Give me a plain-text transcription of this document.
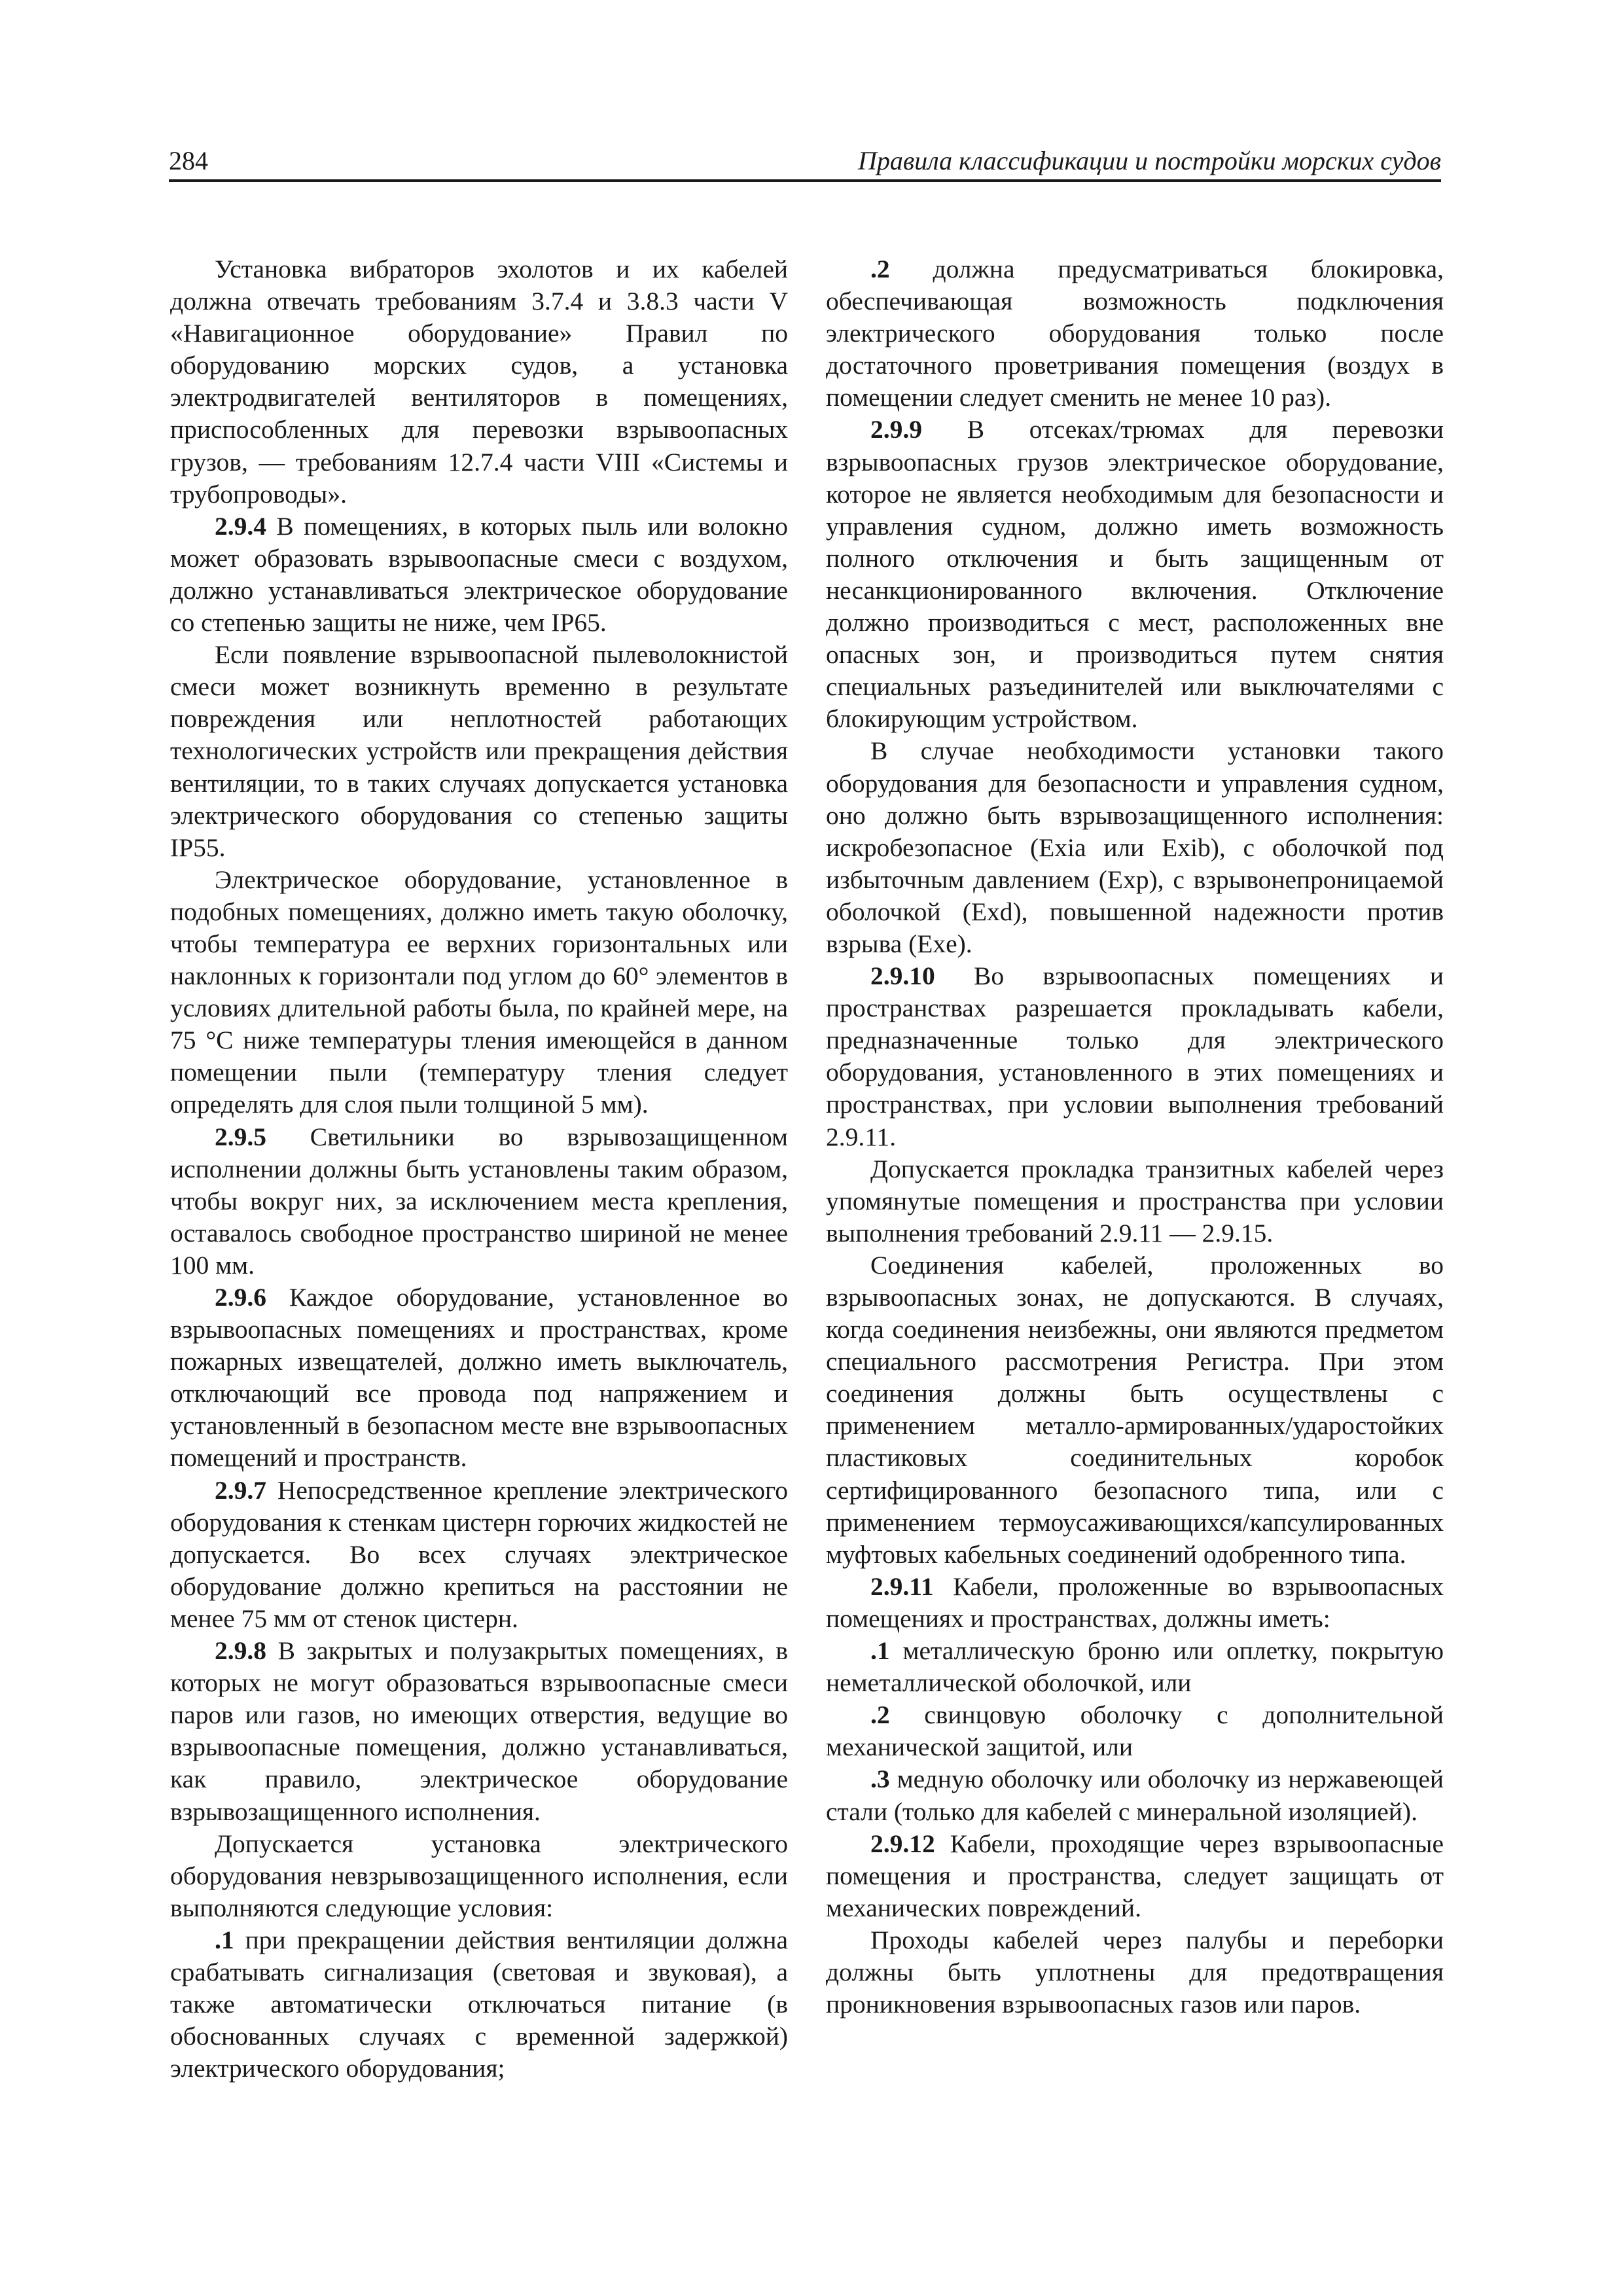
284	Правила классификации и постройки морских судов

Установка вибраторов эхолотов и их кабелей должна отвечать требованиям 3.7.4 и 3.8.3 части V «Навигационное оборудование» Правил по оборудованию морских судов, а установка электродвигателей вентиляторов в помещениях, приспособленных для перевозки взрывоопасных грузов, — требованиям 12.7.4 части VIII «Системы и трубопроводы».

2.9.4 В помещениях, в которых пыль или волокно может образовать взрывоопасные смеси с воздухом, должно устанавливаться электрическое оборудование со степенью защиты не ниже, чем IP65.

Если появление взрывоопасной пылеволокнистой смеси может возникнуть временно в результате повреждения или неплотностей работающих технологических устройств или прекращения действия вентиляции, то в таких случаях допускается установка электрического оборудования со степенью защиты IP55.

Электрическое оборудование, установленное в подобных помещениях, должно иметь такую оболочку, чтобы температура ее верхних горизонтальных или наклонных к горизонтали под углом до 60° элементов в условиях длительной работы была, по крайней мере, на 75 °С ниже температуры тления имеющейся в данном помещении пыли (температуру тления следует определять для слоя пыли толщиной 5 мм).

2.9.5 Светильники во взрывозащищенном исполнении должны быть установлены таким образом, чтобы вокруг них, за исключением места крепления, оставалось свободное пространство шириной не менее 100 мм.

2.9.6 Каждое оборудование, установленное во взрывоопасных помещениях и пространствах, кроме пожарных извещателей, должно иметь выключатель, отключающий все провода под напряжением и установленный в безопасном месте вне взрывоопасных помещений и пространств.

2.9.7 Непосредственное крепление электрического оборудования к стенкам цистерн горючих жидкостей не допускается. Во всех случаях электрическое оборудование должно крепиться на расстоянии не менее 75 мм от стенок цистерн.

2.9.8 В закрытых и полузакрытых помещениях, в которых не могут образоваться взрывоопасные смеси паров или газов, но имеющих отверстия, ведущие во взрывоопасные помещения, должно устанавливаться, как правило, электрическое оборудование взрывозащищенного исполнения.

Допускается установка электрического оборудования невзрывозащищенного исполнения, если выполняются следующие условия:

.1 при прекращении действия вентиляции должна срабатывать сигнализация (световая и звуковая), а также автоматически отключаться питание (в обоснованных случаях с временной задержкой) электрического оборудования;

.2 должна предусматриваться блокировка, обеспечивающая возможность подключения электрического оборудования только после достаточного проветривания помещения (воздух в помещении следует сменить не менее 10 раз).

2.9.9 В отсеках/трюмах для перевозки взрывоопасных грузов электрическое оборудование, которое не является необходимым для безопасности и управления судном, должно иметь возможность полного отключения и быть защищенным от несанкционированного включения. Отключение должно производиться с мест, расположенных вне опасных зон, и производиться путем снятия специальных разъединителей или выключателями с блокирующим устройством.

В случае необходимости установки такого оборудования для безопасности и управления судном, оно должно быть взрывозащищенного исполнения: искробезопасное (Exia или Exib), с оболочкой под избыточным давлением (Exp), с взрывонепроницаемой оболочкой (Exd), повышенной надежности против взрыва (Exe).

2.9.10 Во взрывоопасных помещениях и пространствах разрешается прокладывать кабели, предназначенные только для электрического оборудования, установленного в этих помещениях и пространствах, при условии выполнения требований 2.9.11.

Допускается прокладка транзитных кабелей через упомянутые помещения и пространства при условии выполнения требований 2.9.11 — 2.9.15.

Соединения кабелей, проложенных во взрывоопасных зонах, не допускаются. В случаях, когда соединения неизбежны, они являются предметом специального рассмотрения Регистра. При этом соединения должны быть осуществлены с применением металло-армированных/ударостойких пластиковых соединительных коробок сертифицированного безопасного типа, или с применением термоусаживающихся/капсулированных муфтовых кабельных соединений одобренного типа.

2.9.11 Кабели, проложенные во взрывоопасных помещениях и пространствах, должны иметь:

.1 металлическую броню или оплетку, покрытую неметаллической оболочкой, или

.2 свинцовую оболочку с дополнительной механической защитой, или

.3 медную оболочку или оболочку из нержавеющей стали (только для кабелей с минеральной изоляцией).

2.9.12 Кабели, проходящие через взрывоопасные помещения и пространства, следует защищать от механических повреждений.

Проходы кабелей через палубы и переборки должны быть уплотнены для предотвращения проникновения взрывоопасных газов или паров.
